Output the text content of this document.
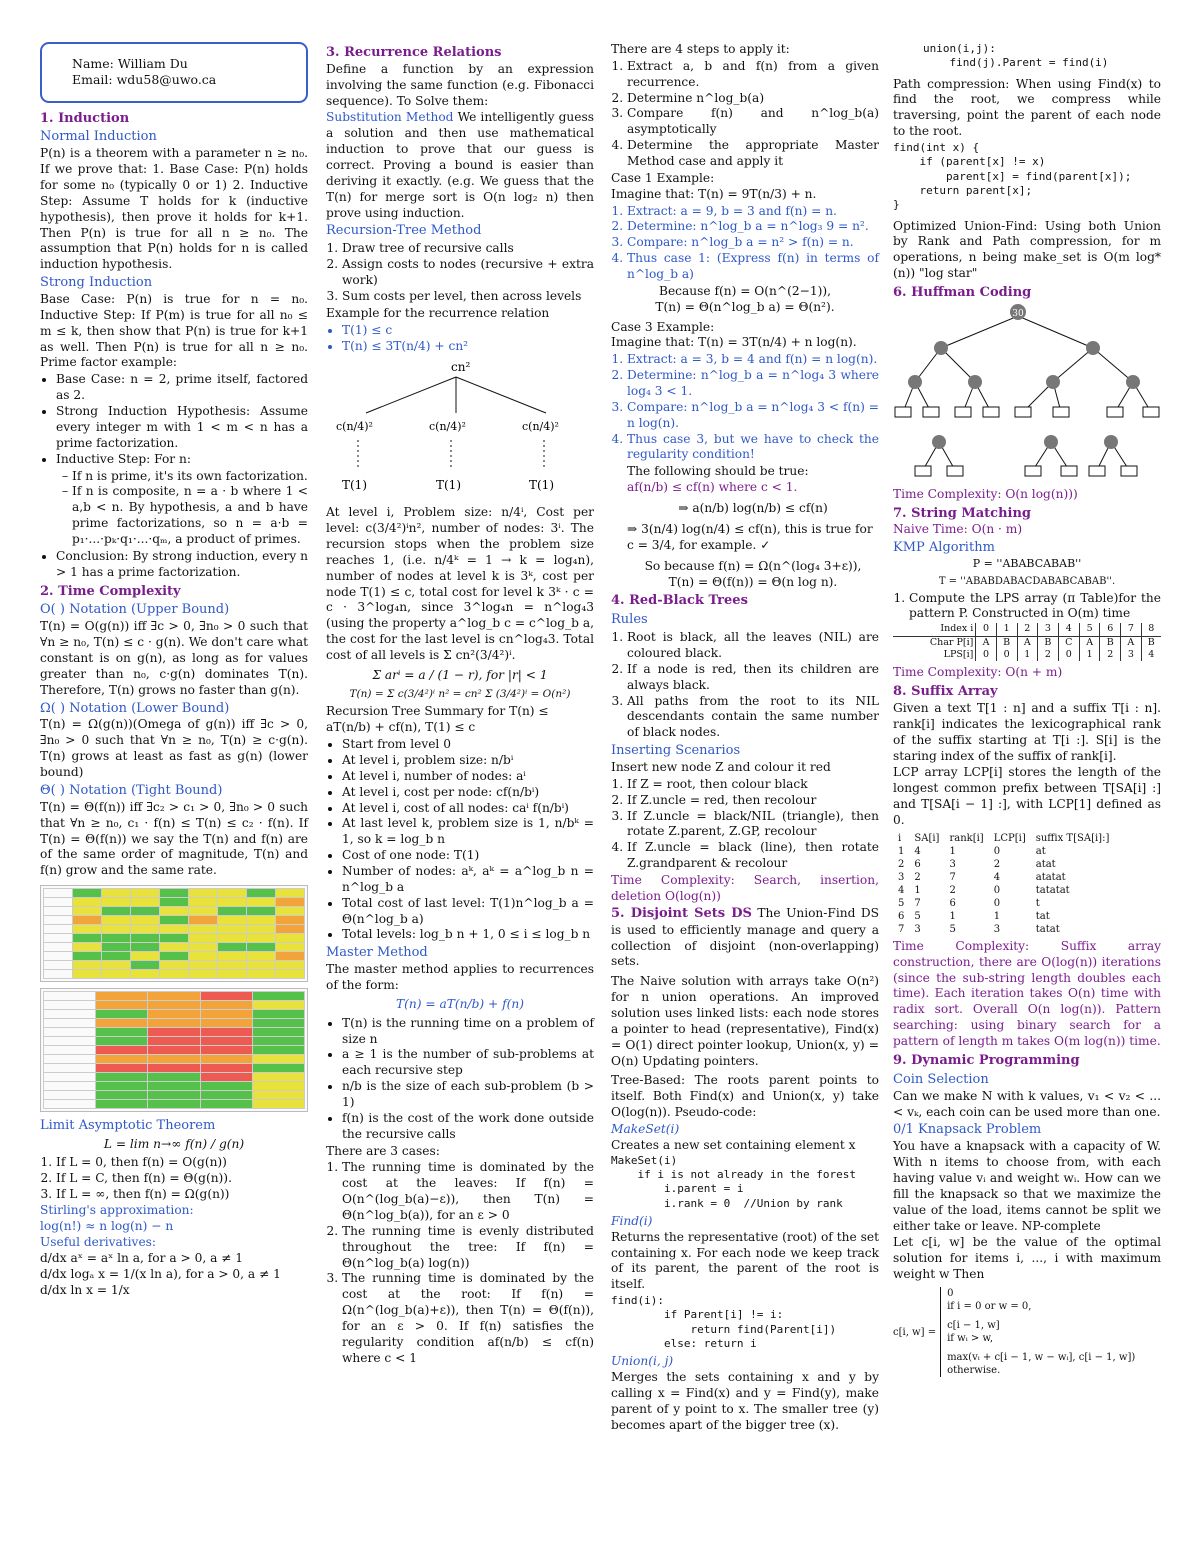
Name: William Du
Email: wdu58@uwo.ca
1. Induction
Normal Induction

P(n) is a theorem with a parameter n ≥ n₀. If we prove that: 1. Base Case: P(n) holds for some n₀ (typically 0 or 1) 2. Inductive Step: Assume T holds for k (inductive hypothesis), then prove it holds for k+1. Then P(n) is true for all n ≥ n₀. The assumption that P(n) holds for n is called induction hypothesis.

Strong Induction

Base Case: P(n) is true for n = n₀. Inductive Step: If P(m) is true for all n₀ ≤ m ≤ k, then show that P(n) is true for k+1 as well. Then P(n) is true for all n ≥ n₀. Prime factor example:

• Base Case: n = 2, prime itself, factored as 2.
• Strong Induction Hypothesis: Assume every integer m with 1 < m < n has a prime factorization.
• Inductive Step: For n:
– If n is prime, it's its own factorization.
– If n is composite, n = a · b where 1 < a,b < n. By hypothesis, a and b have prime factorizations, so n = a·b = p₁·...·pₖ·q₁·...·qₘ, a product of primes.
• Conclusion: By strong induction, every n > 1 has a prime factorization.
2. Time Complexity
O( ) Notation (Upper Bound)

T(n) = O(g(n)) iff ∃c > 0, ∃n₀ > 0 such that ∀n ≥ n₀, T(n) ≤ c · g(n). We don't care what constant is on g(n), as long as for values greater than n₀, c·g(n) dominates T(n). Therefore, T(n) grows no faster than g(n).

Ω( ) Notation (Lower Bound)

T(n) = Ω(g(n))(Omega of g(n)) iff ∃c > 0, ∃n₀ > 0 such that ∀n ≥ n₀, T(n) ≥ c·g(n). T(n) grows at least as fast as g(n) (lower bound)

Θ( ) Notation (Tight Bound)

T(n) = Θ(f(n)) iff ∃c₂ > c₁ > 0, ∃n₀ > 0 such that ∀n ≥ n₀, c₁ · f(n) ≤ T(n) ≤ c₂ · f(n). If T(n) = Θ(f(n)) we say the T(n) and f(n) are of the same order of magnitude, T(n) and f(n) grow and the same rate.

Limit Asymptotic Theorem
L = lim n→∞ f(n) / g(n)
1. If L = 0, then f(n) = O(g(n))
2. If L = C, then f(n) = Θ(g(n)).
3. If L = ∞, then f(n) = Ω(g(n))
Stirling's approximation:
log(n!) ≈ n log(n) − n
Useful derivatives:
d/dx aˣ = aˣ ln a, for a > 0, a ≠ 1
d/dx logₐ x = 1/(x ln a), for a > 0, a ≠ 1
d/dx ln x = 1/x
3. Recurrence Relations

Define a function by an expression involving the same function (e.g. Fibonacci sequence). To Solve them:

Substitution Method We intelligently guess a solution and then use mathematical induction to prove that our guess is correct. Proving a bound is easier than deriving it exactly. (e.g. We guess that the T(n) for merge sort is O(n log₂ n) then prove using induction.

Recursion-Tree Method
1. Draw tree of recursive calls
2. Assign costs to nodes (recursive + extra work)
3. Sum costs per level, then across levels
Example for the recurrence relation
• T(1) ≤ c
• T(n) ≤ 3T(n/4) + cn²
cn²
c(n/4)²	c(n/4)²	c(n/4)²
T(1)	T(1)	T(1)

At level i, Problem size: n/4ⁱ, Cost per level: c(3/4²)ⁱn², number of nodes: 3ⁱ. The recursion stops when the problem size reaches 1, (i.e. n/4ᵏ = 1 → k = log₄n), number of nodes at level k is 3ᵏ, cost per node T(1) ≤ c, total cost for level k 3ᵏ · c = c · 3^log₄n, since 3^log₄n = n^log₄3 (using the property a^log_b c = c^log_b a, the cost for the last level is cn^log₄3. Total cost of all levels is Σ cn²(3/4²)ⁱ.

Σ arⁱ = a / (1 − r), for |r| < 1
T(n) = Σ c(3/4²)ⁱ n² = cn² Σ (3/4²)ⁱ = O(n²)
Recursion Tree Summary for T(n) ≤ aT(n/b) + cf(n), T(1) ≤ c
• Start from level 0
• At level i, problem size: n/bⁱ
• At level i, number of nodes: aⁱ
• At level i, cost per node: cf(n/bⁱ)
• At level i, cost of all nodes: caⁱ f(n/bⁱ)
• At last level k, problem size is 1, n/bᵏ = 1, so k = log_b n
• Cost of one node: T(1)
• Number of nodes: aᵏ, aᵏ = a^log_b n = n^log_b a
• Total cost of last level: T(1)n^log_b a = Θ(n^log_b a)
• Total levels: log_b n + 1, 0 ≤ i ≤ log_b n
Master Method

The master method applies to recurrences of the form:

T(n) = aT(n/b) + f(n)
• T(n) is the running time on a problem of size n
• a ≥ 1 is the number of sub-problems at each recursive step
• n/b is the size of each sub-problem (b > 1)
• f(n) is the cost of the work done outside the recursive calls
There are 3 cases:
1. The running time is dominated by the cost at the leaves: If f(n) = O(n^(log_b(a)−ε)), then T(n) = Θ(n^log_b(a)), for an ε > 0
2. The running time is evenly distributed throughout the tree: If f(n) = Θ(n^log_b(a) log(n))
3. The running time is dominated by the cost at the root: If f(n) = Ω(n^(log_b(a)+ε)), then T(n) = Θ(f(n)), for an ε > 0. If f(n) satisfies the regularity condition af(n/b) ≤ cf(n) where c < 1
There are 4 steps to apply it:
1. Extract a, b and f(n) from a given recurrence.
2. Determine n^log_b(a)
3. Compare f(n) and n^log_b(a) asymptotically
4. Determine the appropriate Master Method case and apply it
Case 1 Example:
Imagine that: T(n) = 9T(n/3) + n.
1. Extract: a = 9, b = 3 and f(n) = n.
2. Determine: n^log_b a = n^log₃ 9 = n².
3. Compare: n^log_b a = n² > f(n) = n.
4. Thus case 1: (Express f(n) in terms of n^log_b a)
Because f(n) = O(n^(2−1)),
T(n) = Θ(n^log_b a) = Θ(n²).
Case 3 Example:
Imagine that: T(n) = 3T(n/4) + n log(n).
1. Extract: a = 3, b = 4 and f(n) = n log(n).
2. Determine: n^log_b a = n^log₄ 3 where log₄ 3 < 1.
3. Compare: n^log_b a = n^log₄ 3 < f(n) = n log(n).
4. Thus case 3, but we have to check the regularity condition!
The following should be true:
af(n/b) ≤ cf(n) where c < 1.
⇒ a(n/b) log(n/b) ≤ cf(n)
⇒ 3(n/4) log(n/4) ≤ cf(n), this is true for c = 3/4, for example. ✓
So because f(n) = Ω(n^(log₄ 3+ε)),
T(n) = Θ(f(n)) = Θ(n log n).
4. Red-Black Trees
Rules
1. Root is black, all the leaves (NIL) are coloured black.
2. If a node is red, then its children are always black.
3. All paths from the root to its NIL descendants contain the same number of black nodes.
Inserting Scenarios
Insert new node Z and colour it red
1. If Z = root, then colour black
2. If Z.uncle = red, then recolour
3. If Z.uncle = black/NIL (triangle), then rotate Z.parent, Z.GP, recolour
4. If Z.uncle = black (line), then rotate Z.grandparent & recolour

Time Complexity: Search, insertion, deletion O(log(n))

5. Disjoint Sets DS The Union-Find DS is used to efficiently manage and query a collection of disjoint (non-overlapping) sets.

The Naive solution with arrays take O(n²) for n union operations. An improved solution uses linked lists: each node stores a pointer to head (representative), Find(x) = O(1) direct pointer lookup, Union(x, y) = O(n) Updating pointers.

Tree-Based: The roots parent points to itself. Both Find(x) and Union(x, y) take O(log(n)). Pseudo-code:

MakeSet(i)
Creates a new set containing element x
MakeSet(i)
if i is not already in the forest
i.parent = i
i.rank = 0  //Union by rank
Find(i)

Returns the representative (root) of the set containing x. For each node we keep track of its parent, the parent of the root is itself.

find(i):
if Parent[i] != i:
return find(Parent[i])
else: return i
Union(i, j)

Merges the sets containing x and y by calling x = Find(x) and y = Find(y), make parent of y point to x. The smaller tree (y) becomes apart of the bigger tree (x).

union(i,j):
find(j).Parent = find(i)

Path compression: When using Find(x) to find the root, we compress while traversing, point the parent of each node to the root.

find(int x) {
if (parent[x] != x)
parent[x] = find(parent[x]);
return parent[x];
}

Optimized Union-Find: Using both Union by Rank and Path compression, for m operations, n being make_set is O(m log*(n)) "log star"

6. Huffman Coding
30
Time Complexity: O(n log(n)))
7. String Matching
Naive Time: O(n · m)
KMP Algorithm
P = ''ABABCABAB''
T = ''ABABDABACDABABCABAB''.
1. Compute the LPS array (π Table)for the pattern P. Constructed in O(m) time
Index i	0	1	2	3	4	5	6	7	8
Char P[i]	A	B	A	B	C	A	B	A	B
LPS[i]	0	0	1	2	0	1	2	3	4
Time Complexity: O(n + m)
8. Suffix Array

Given a text T[1 : n] and a suffix T[i : n]. rank[i] indicates the lexicographical rank of the suffix starting at T[i :]. S[i] is the staring index of the suffix of rank[i].

LCP array LCP[i] stores the length of the longest common prefix between T[SA[i] :] and T[SA[i − 1] :], with LCP[1] defined as 0.

i	SA[i]	rank[i]	LCP[i]	suffix T[SA[i]:]
1	4	1	0	at
2	6	3	2	atat
3	2	7	4	atatat
4	1	2	0	tatatat
5	7	6	0	t
6	5	1	1	tat
7	3	5	3	tatat

Time Complexity: Suffix array construction, there are O(log(n)) iterations (since the sub-string length doubles each time). Each iteration takes O(n) time with radix sort. Overall O(n log(n)). Pattern searching: using binary search for a pattern of length m takes O(m log(n)) time.

9. Dynamic Programming
Coin Selection

Can we make N with k values, v₁ < v₂ < ... < vₖ, each coin can be used more than one.

0/1 Knapsack Problem

You have a knapsack with a capacity of W. With n items to choose from, with each having value vᵢ and weight wᵢ. How can we fill the knapsack so that we maximize the value of the load, items cannot be split we either take or leave. NP-complete

Let c[i, w] be the value of the optimal solution for items i, ..., i with maximum weight w Then

c[i, w] =
0
if i = 0 or w = 0,
c[i − 1, w]
if wᵢ > w,
max(vᵢ + c[i − 1, w − wᵢ], c[i − 1, w])
otherwise.
